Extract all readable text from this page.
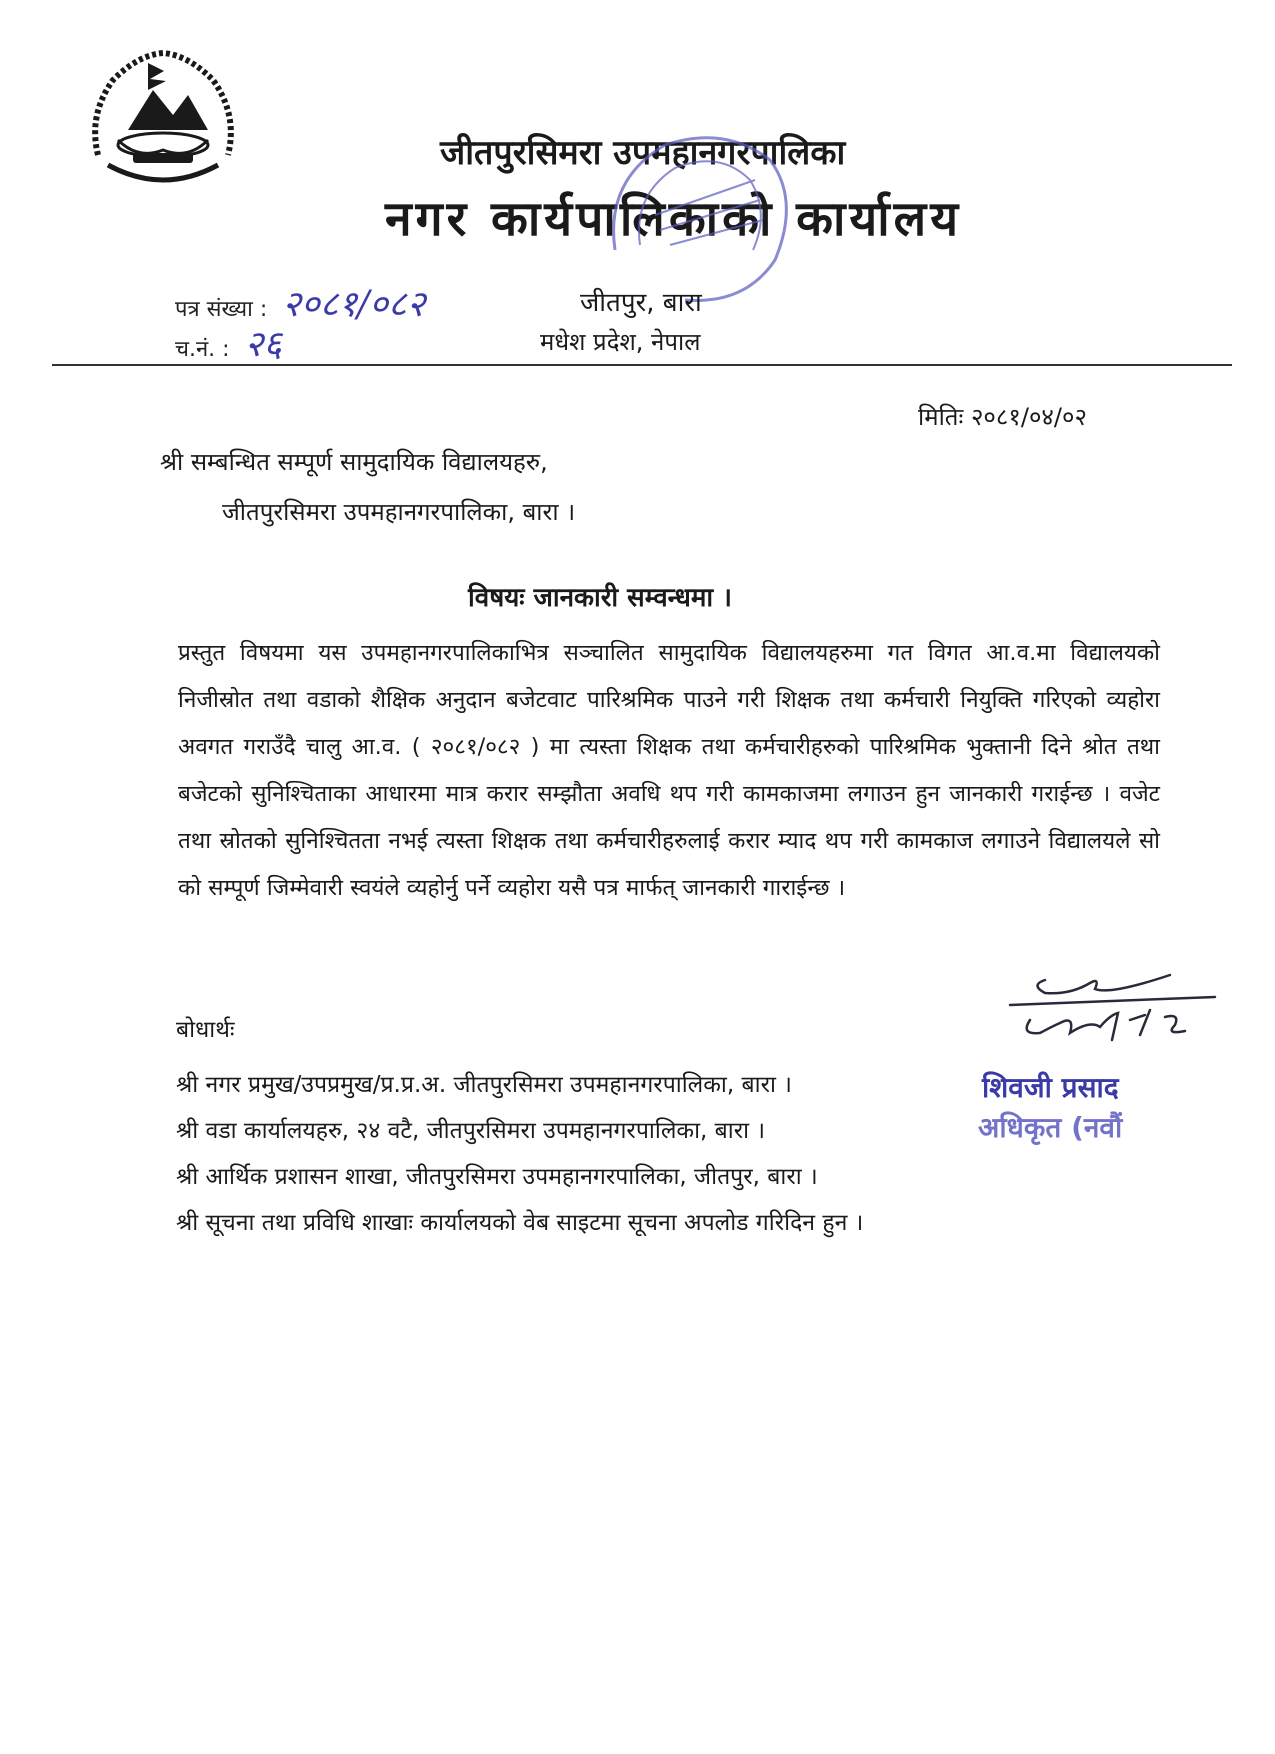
जीतपुरसिमरा उपमहानगरपालिका
नगर कार्यपालिकाको कार्यालय
पत्र संख्या : २०८१/०८२
च.नं. : २६
जीतपुर, बारा
मधेश प्रदेश, नेपाल
मितिः २०८१/०४/०२
श्री सम्बन्धित सम्पूर्ण सामुदायिक विद्यालयहरु,
जीतपुरसिमरा उपमहानगरपालिका, बारा ।
विषयः जानकारी सम्वन्धमा ।
प्रस्तुत विषयमा यस उपमहानगरपालिकाभित्र सञ्चालित सामुदायिक विद्यालयहरुमा गत विगत आ.व.मा विद्यालयको निजीस्रोत तथा वडाको शैक्षिक अनुदान बजेटवाट पारिश्रमिक पाउने गरी शिक्षक तथा कर्मचारी नियुक्ति गरिएको व्यहोरा अवगत गराउँदै चालु आ.व. ( २०८१/०८२ ) मा त्यस्ता शिक्षक तथा कर्मचारीहरुको पारिश्रमिक भुक्तानी दिने श्रोत तथा बजेटको सुनिश्चिताका आधारमा मात्र करार सम्झौता अवधि थप गरी कामकाजमा लगाउन हुन जानकारी गराईन्छ । वजेट तथा स्रोतको सुनिश्चितता नभई त्यस्ता शिक्षक तथा कर्मचारीहरुलाई करार म्याद थप गरी कामकाज लगाउने विद्यालयले सो को सम्पूर्ण जिम्मेवारी स्वयंले व्यहोर्नु पर्ने व्यहोरा यसै पत्र मार्फत् जानकारी गाराईन्छ ।
बोधार्थः
श्री नगर प्रमुख/उपप्रमुख/प्र.प्र.अ. जीतपुरसिमरा उपमहानगरपालिका, बारा ।
श्री वडा कार्यालयहरु, २४ वटै, जीतपुरसिमरा उपमहानगरपालिका, बारा ।
श्री आर्थिक प्रशासन शाखा, जीतपुरसिमरा उपमहानगरपालिका, जीतपुर, बारा ।
श्री सूचना तथा प्रविधि शाखाः कार्यालयको वेब साइटमा सूचना अपलोड गरिदिन हुन ।
शिवजी प्रसाद
अधिकृत (नवौं
